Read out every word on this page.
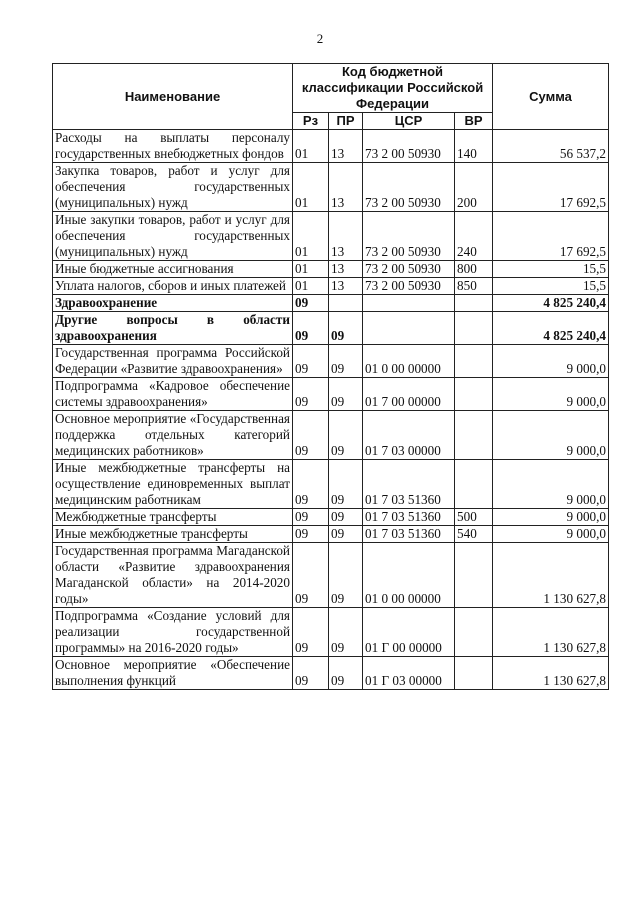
2
Наименование	Код бюджетной классификации Российской Федерации				Сумма
	Рз	ПР	ЦСР	ВР	
Расходы на выплаты персоналу государственных внебюджетных фондов	01	13	73 2 00 50930	140	56 537,2
Закупка товаров, работ и услуг для обеспечения государственных (муниципальных) нужд	01	13	73 2 00 50930	200	17 692,5
Иные закупки товаров, работ и услуг для обеспечения государственных (муниципальных) нужд	01	13	73 2 00 50930	240	17 692,5
Иные бюджетные ассигнования	01	13	73 2 00 50930	800	15,5
Уплата налогов, сборов и иных платежей	01	13	73 2 00 50930	850	15,5
Здравоохранение	09				4 825 240,4
Другие вопросы в области здравоохранения	09	09			4 825 240,4
Государственная программа Российской Федерации «Развитие здравоохранения»	09	09	01 0 00 00000		9 000,0
Подпрограмма «Кадровое обеспечение системы здравоохранения»	09	09	01 7 00 00000		9 000,0
Основное мероприятие «Государственная поддержка отдельных категорий медицинских работников»	09	09	01 7 03 00000		9 000,0
Иные межбюджетные трансферты на осуществление единовременных выплат медицинским работникам	09	09	01 7 03 51360		9 000,0
Межбюджетные трансферты	09	09	01 7 03 51360	500	9 000,0
Иные межбюджетные трансферты	09	09	01 7 03 51360	540	9 000,0
Государственная программа Магаданской области «Развитие здравоохранения Магаданской области» на 2014-2020 годы»	09	09	01 0 00 00000		1 130 627,8
Подпрограмма «Создание условий для реализации государственной программы» на 2016-2020 годы»	09	09	01 Г 00 00000		1 130 627,8
Основное мероприятие «Обеспечение выполнения функций	09	09	01 Г 03 00000		1 130 627,8
